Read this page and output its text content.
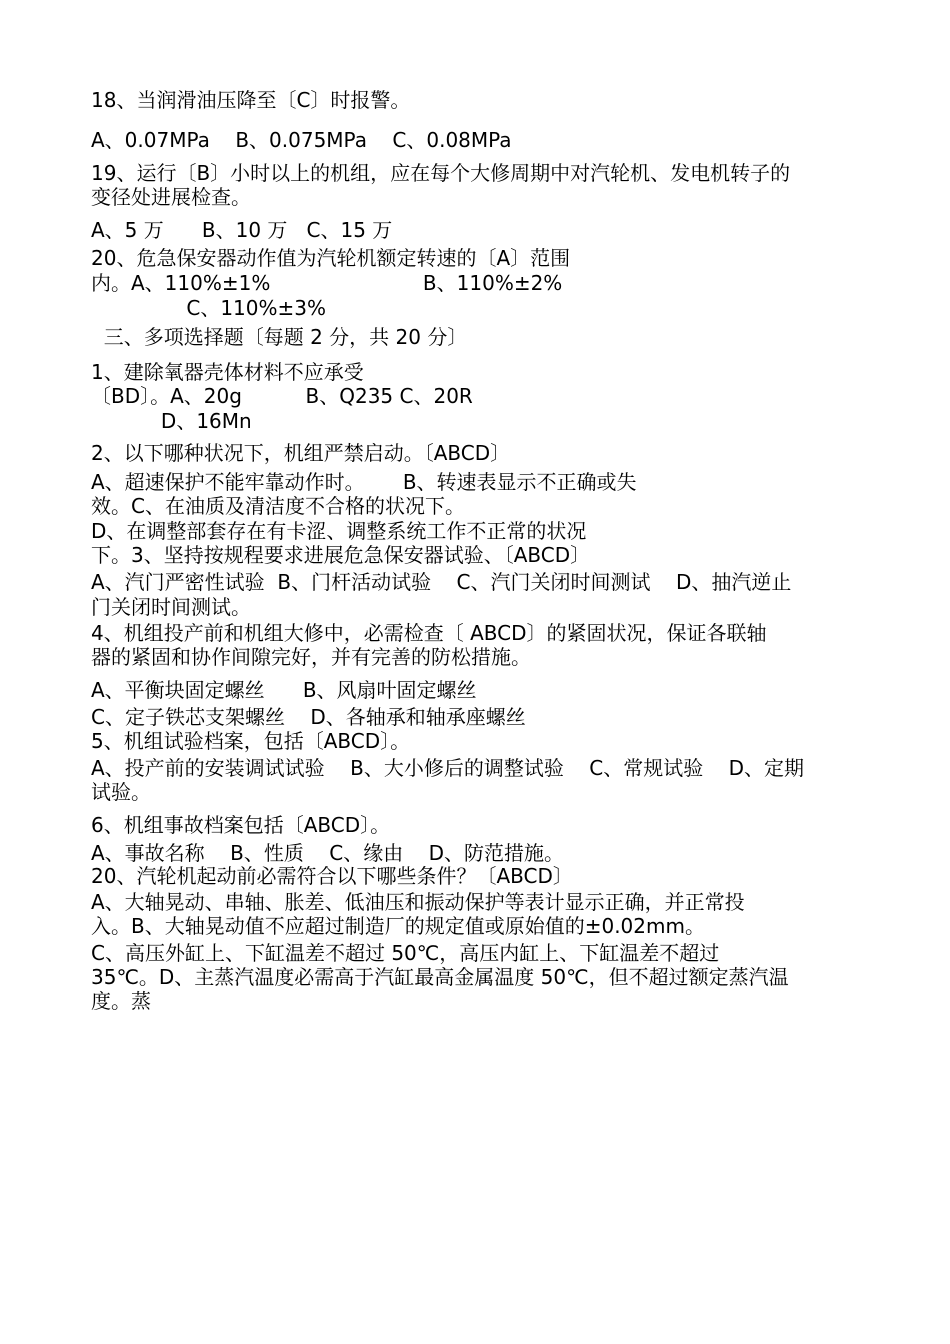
18、当润滑油压降至〔C〕时报警。
A、0.07MPa    B、0.075MPa    C、0.08MPa
19、运行〔B〕小时以上的机组，应在每个大修周期中对汽轮机、发电机转子的
变径处进展检查。
A、5 万      B、10 万   C、15 万
20、危急保安器动作值为汽轮机额定转速的〔A〕范围
内。A、110%±1%                        B、110%±2%
C、110%±3%
三、多项选择题〔每题 2 分，共 20 分〕
1、建除氧器壳体材料不应承受
〔BD〕。A、20g          B、Q235 C、20R
D、16Mn
2、以下哪种状况下，机组严禁启动。〔ABCD〕
A、超速保护不能牢靠动作时。      B、转速表显示不正确或失
效。C、在油质及清洁度不合格的状况下。
D、在调整部套存在有卡涩、调整系统工作不正常的状况
下。3、坚持按规程要求进展危急保安器试验、〔ABCD〕
A、汽门严密性试验  B、门杆活动试验    C、汽门关闭时间测试    D、抽汽逆止
门关闭时间测试。
4、机组投产前和机组大修中，必需检查〔 ABCD〕的紧固状况，保证各联轴
器的紧固和协作间隙完好，并有完善的防松措施。
A、平衡块固定螺丝      B、风扇叶固定螺丝
C、定子铁芯支架螺丝    D、各轴承和轴承座螺丝
5、机组试验档案，包括〔ABCD〕。
A、投产前的安装调试试验    B、大小修后的调整试验    C、常规试验    D、定期
试验。
6、机组事故档案包括〔ABCD〕。
A、事故名称    B、性质    C、缘由    D、防范措施。
20、汽轮机起动前必需符合以下哪些条件？〔ABCD〕
A、大轴晃动、串轴、胀差、低油压和振动保护等表计显示正确，并正常投
入。B、大轴晃动值不应超过制造厂的规定值或原始值的±0.02mm。
C、高压外缸上、下缸温差不超过 50℃，高压内缸上、下缸温差不超过
35℃。D、主蒸汽温度必需高于汽缸最高金属温度 50℃，但不超过额定蒸汽温
度。蒸
